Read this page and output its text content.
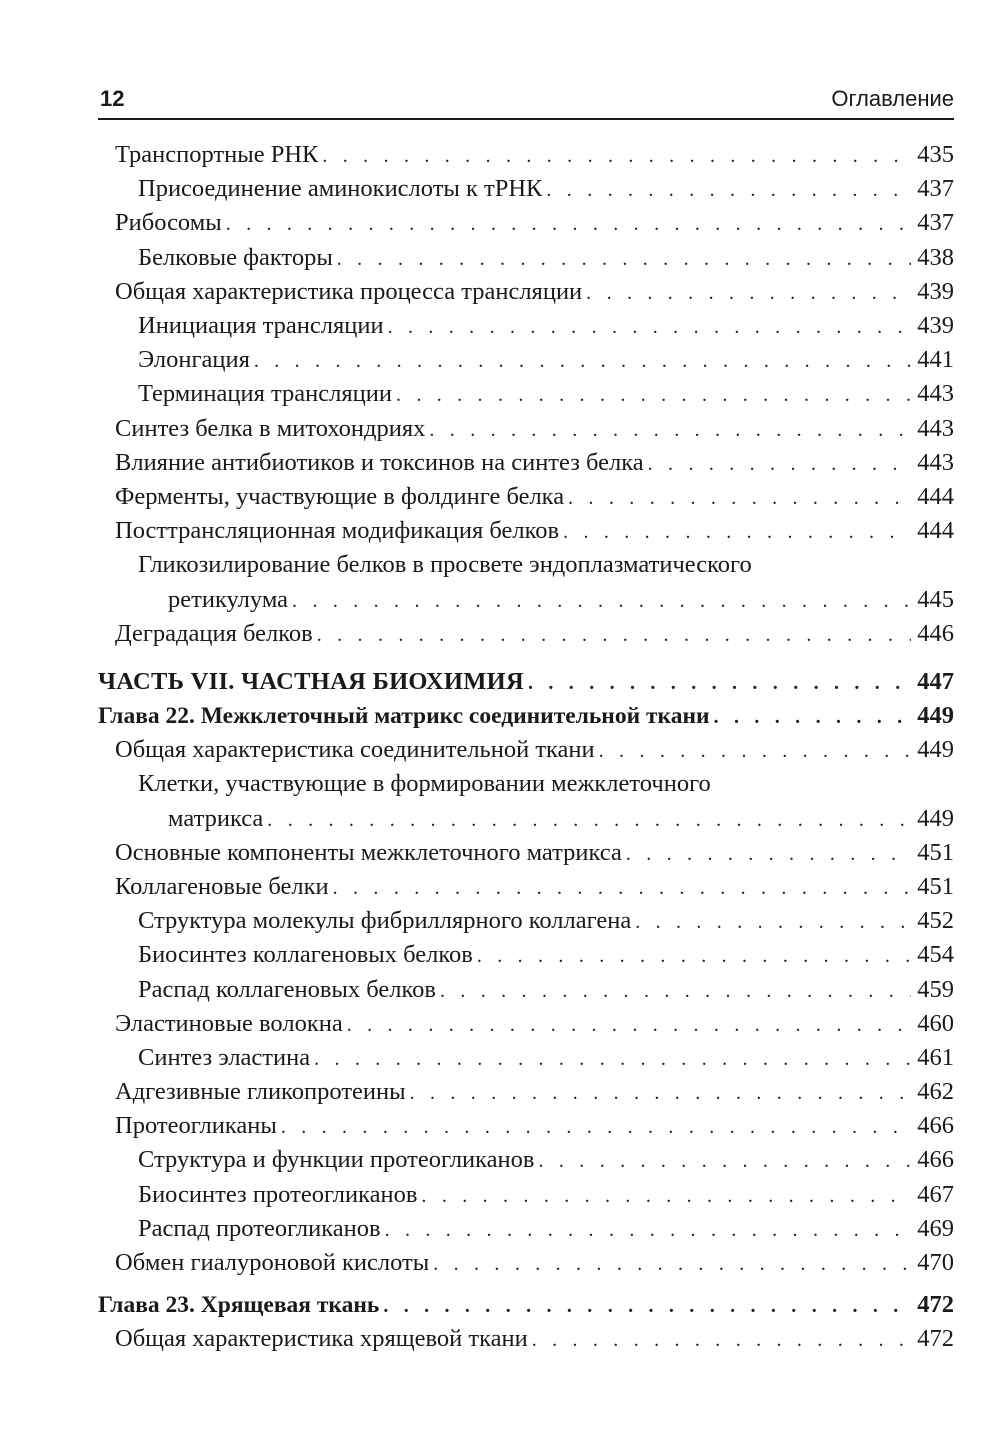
12	Оглавление
Транспортные РНК . . .	435
Присоединение аминокислоты к тРНК . . .	437
Рибосомы . . .	437
Белковые факторы . . .	438
Общая характеристика процесса трансляции . . .	439
Инициация трансляции . . .	439
Элонгация . . .	441
Терминация трансляции . . .	443
Синтез белка в митохондриях . . .	443
Влияние антибиотиков и токсинов на синтез белка . . .	443
Ферменты, участвующие в фолдинге белка . . .	444
Посттрансляционная модификация белков . . .	444
Гликозилирование белков в просвете эндоплазматического
ретикулума . . .	445
Деградация белков . . .	446
ЧАСТЬ VII. ЧАСТНАЯ БИОХИМИЯ . . .	447
Глава 22. Межклеточный матрикс соединительной ткани . . .	449
Общая характеристика соединительной ткани . . .	449
Клетки, участвующие в формировании межклеточного
матрикса . . .	449
Основные компоненты межклеточного матрикса . . .	451
Коллагеновые белки . . .	451
Структура молекулы фибриллярного коллагена . . .	452
Биосинтез коллагеновых белков . . .	454
Распад коллагеновых белков . . .	459
Эластиновые волокна . . .	460
Синтез эластина . . .	461
Адгезивные гликопротеины . . .	462
Протеогликаны . . .	466
Структура и функции протеогликанов . . .	466
Биосинтез протеогликанов . . .	467
Распад протеогликанов . . .	469
Обмен гиалуроновой кислоты . . .	470
Глава 23. Хрящевая ткань . . .	472
Общая характеристика хрящевой ткани . . .	472
